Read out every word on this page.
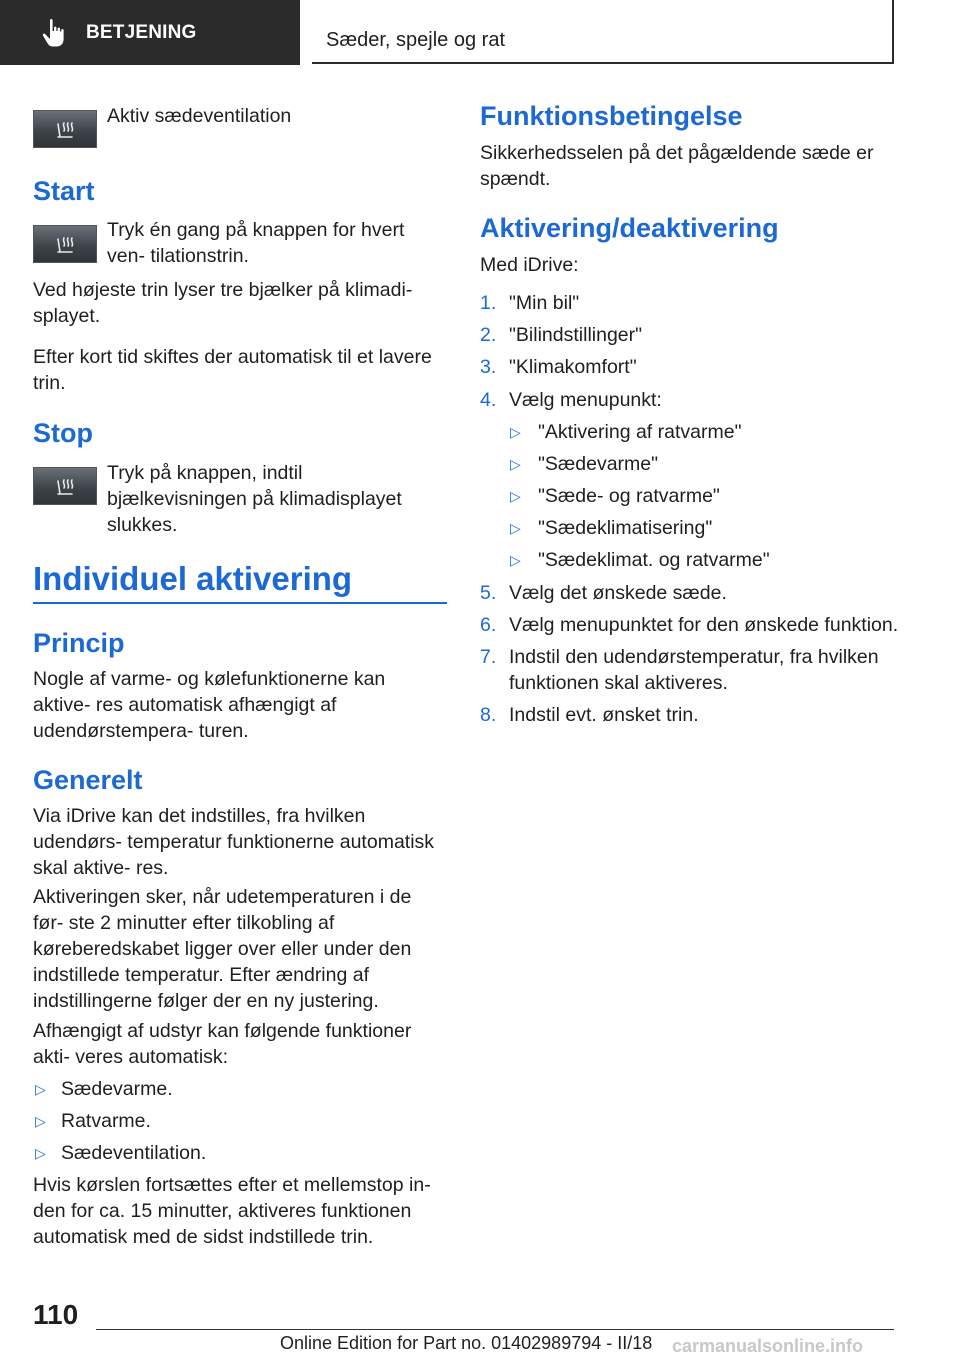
BETJENING	Sæder, spejle og rat

Aktiv sædeventilation

Start

Tryk én gang på knappen for hvert ven- tilationstrin.

Ved højeste trin lyser tre bjælker på klimadi- splayet.

Efter kort tid skiftes der automatisk til et lavere trin.

Stop

Tryk på knappen, indtil bjælkevisningen på klimadisplayet slukkes.

Individuel aktivering
Princip

Nogle af varme- og kølefunktionerne kan aktive- res automatisk afhængigt af udendørstempera- turen.

Generelt

Via iDrive kan det indstilles, fra hvilken udendørs- temperatur funktionerne automatisk skal aktive- res.

Aktiveringen sker, når udetemperaturen i de før- ste 2 minutter efter tilkobling af kørеberedskabet ligger over eller under den indstillede temperatur. Efter ændring af indstillingerne følger der en ny justering.

Afhængigt af udstyr kan følgende funktioner akti- veres automatisk:

▷ Sædevarme.
▷ Ratvarme.
▷ Sædeventilation.

Hvis kørslen fortsættes efter et mellemstop in- den for ca. 15 minutter, aktiveres funktionen automatisk med de sidst indstillede trin.

Funktionsbetingelse

Sikkerhedsselen på det pågældende sæde er spændt.

Aktivering/deaktivering

Med iDrive:

1. "Min bil"
2. "Bilindstillinger"
3. "Klimakomfort"
4. Vælg menupunkt:
▷ "Aktivering af ratvarme"
▷ "Sædevarme"
▷ "Sæde- og ratvarme"
▷ "Sædeklimatisering"
▷ "Sædeklimat. og ratvarme"
5. Vælg det ønskede sæde.
6. Vælg menupunktet for den ønskede funktion.
7. Indstil den udendørstemperatur, fra hvilken funktionen skal aktiveres.
8. Indstil evt. ønsket trin.
110
Online Edition for Part no. 01402989794 - II/18 carmanualsonline.info
